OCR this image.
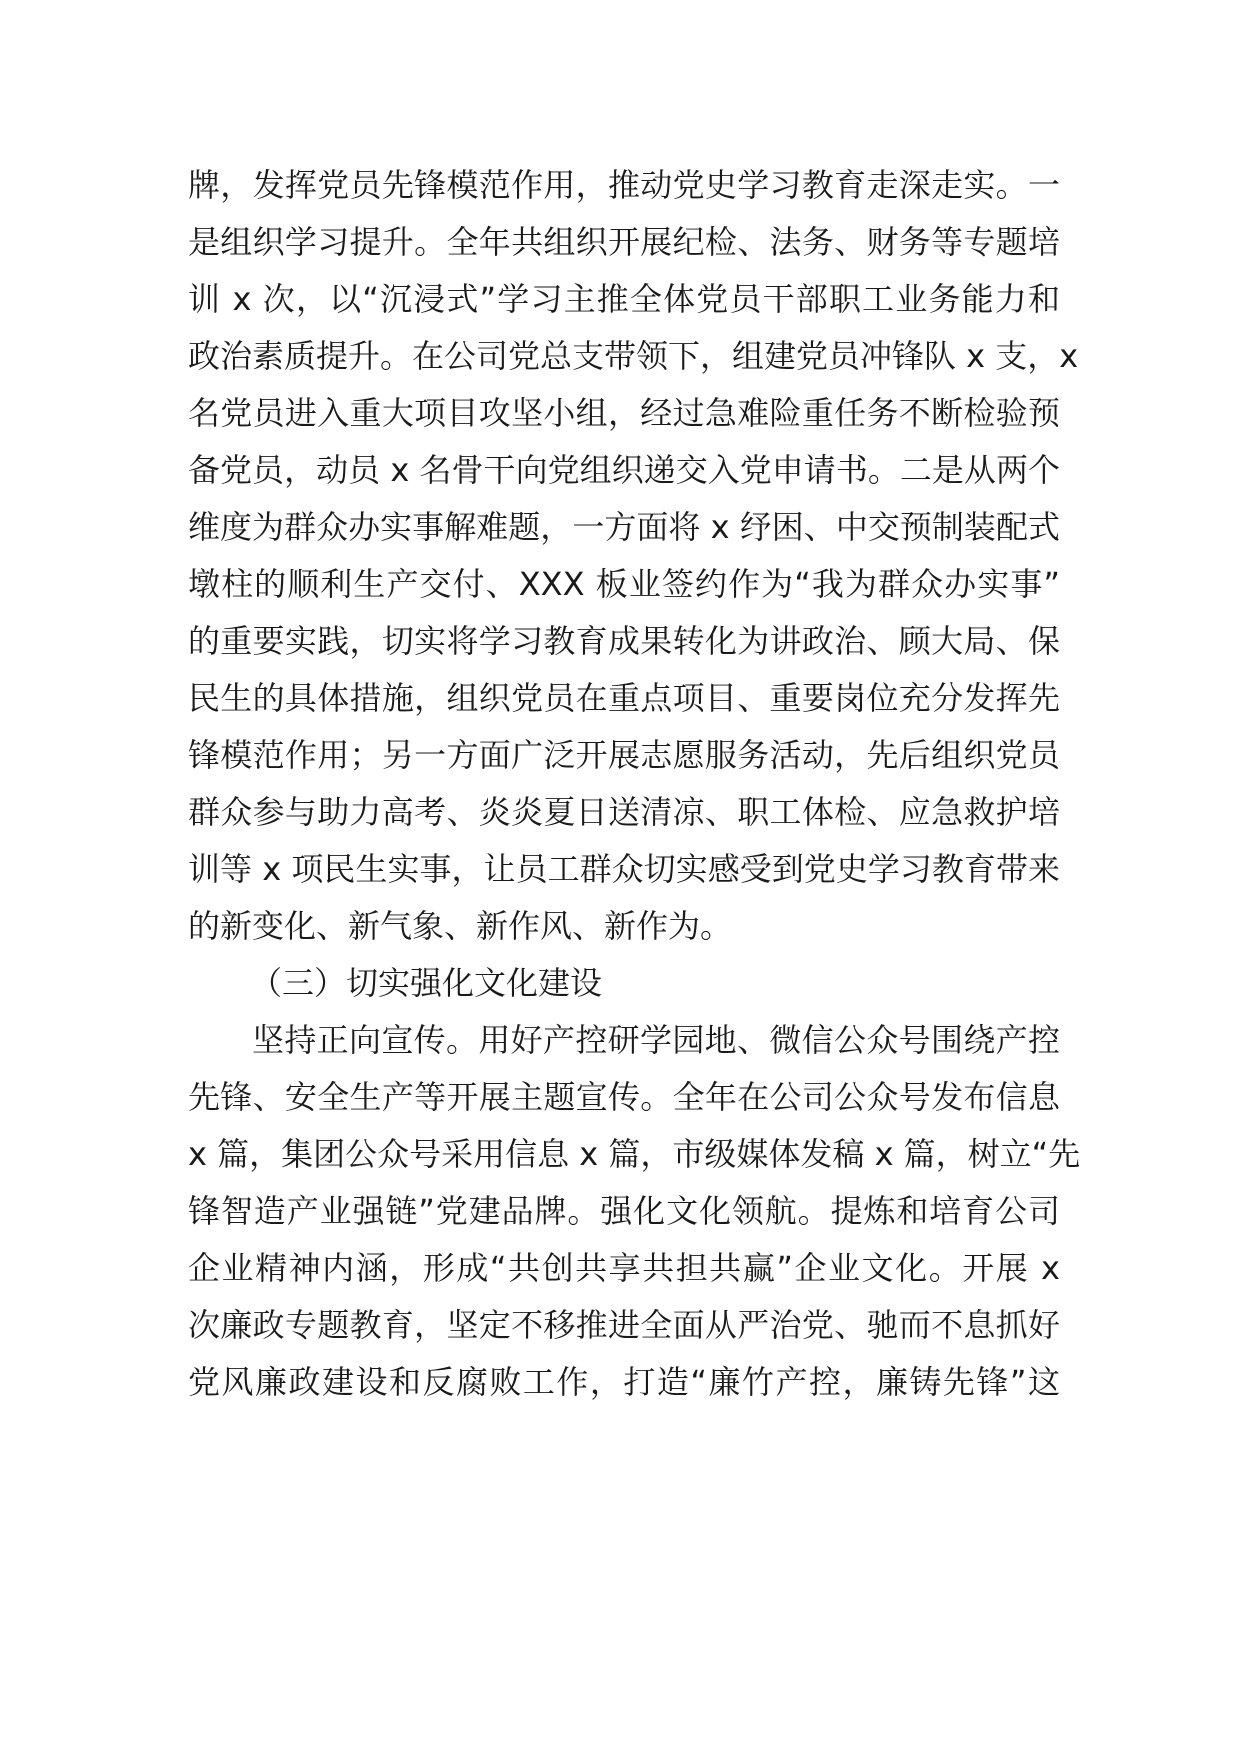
牌，发挥党员先锋模范作用，推动党史学习教育走深走实。一
是组织学习提升。全年共组织开展纪检、法务、财务等专题培
训 x 次，以“沉浸式”学习主推全体党员干部职工业务能力和
政治素质提升。在公司党总支带领下，组建党员冲锋队 x 支，x
名党员进入重大项目攻坚小组，经过急难险重任务不断检验预
备党员，动员 x 名骨干向党组织递交入党申请书。二是从两个
维度为群众办实事解难题，一方面将 x 纾困、中交预制装配式
墩柱的顺利生产交付、XXX 板业签约作为“我为群众办实事”
的重要实践，切实将学习教育成果转化为讲政治、顾大局、保
民生的具体措施，组织党员在重点项目、重要岗位充分发挥先
锋模范作用；另一方面广泛开展志愿服务活动，先后组织党员
群众参与助力高考、炎炎夏日送清凉、职工体检、应急救护培
训等 x 项民生实事，让员工群众切实感受到党史学习教育带来
的新变化、新气象、新作风、新作为。
（三）切实强化文化建设
坚持正向宣传。用好产控研学园地、微信公众号围绕产控
先锋、安全生产等开展主题宣传。全年在公司公众号发布信息
x 篇，集团公众号采用信息 x 篇，市级媒体发稿 x 篇，树立“先
锋智造产业强链”党建品牌。强化文化领航。提炼和培育公司
企业精神内涵，形成“共创共享共担共赢”企业文化。开展 x
次廉政专题教育，坚定不移推进全面从严治党、驰而不息抓好
党风廉政建设和反腐败工作，打造“廉竹产控，廉铸先锋”这
